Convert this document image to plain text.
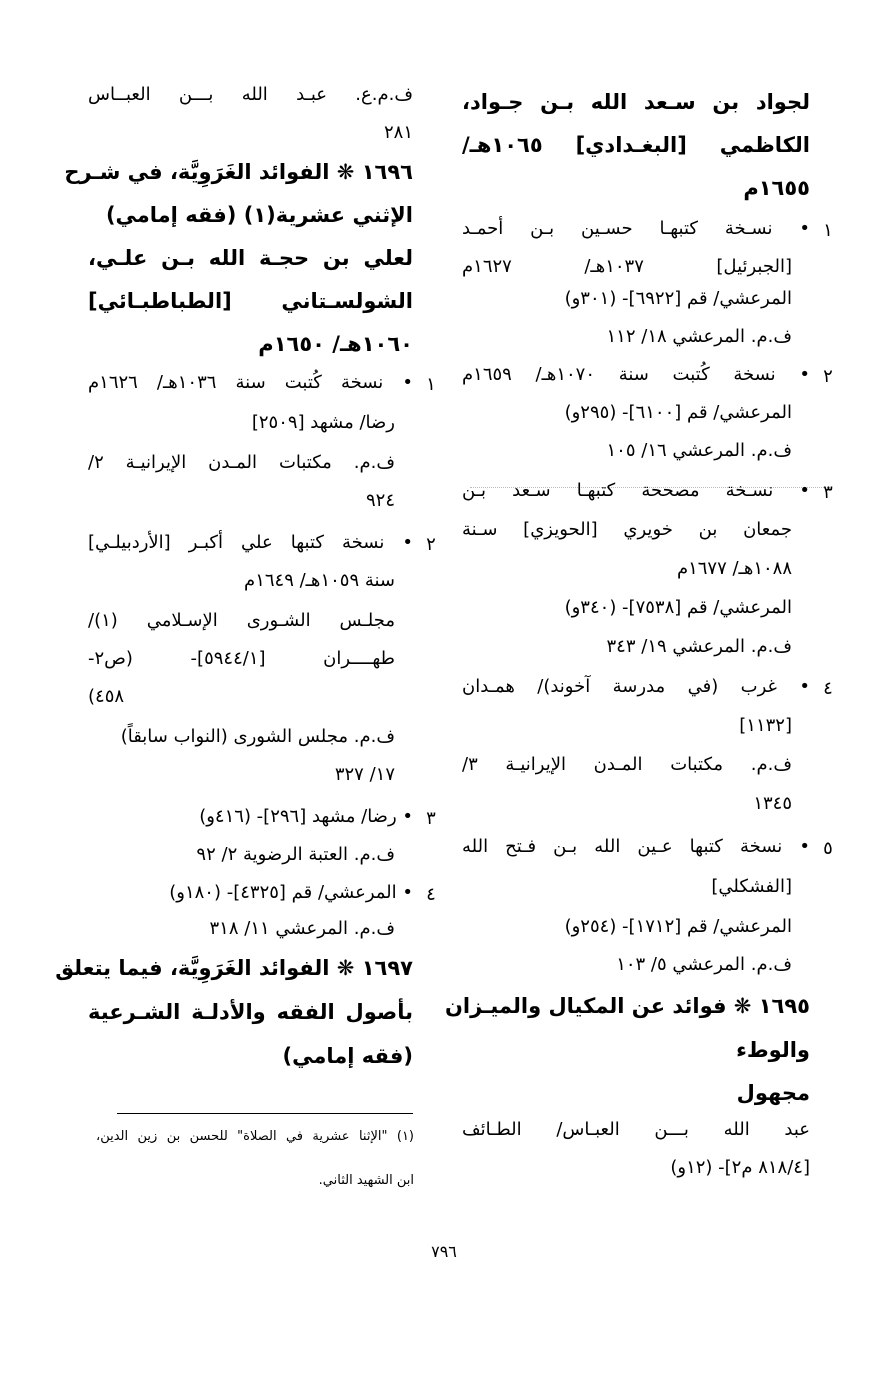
لجواد بن سـعد الله بـن جـواد،
الكاظمي [البغـدادي] ١٠٦٥هـ/
١٦٥٥م
• نسـخة كتبهـا حسـين بـن أحمـد ١
[الجبرئيل] ١٠٣٧هـ/ ١٦٢٧م
المرعشي/ قم [٦٩٢٢]- (٣٠١و)
ف.م. المرعشي ١٨/ ١١٢
• نسخة كُتبت سنة ١٠٧٠هـ/ ١٦٥٩م ٢
المرعشي/ قم [٦١٠٠]- (٢٩٥و)
ف.م. المرعشي ١٦/ ١٠٥
• نسـخة مصححة كتبهـا سـعد بـن ٣
جمعان بن خويري [الحويزي] سـنة
١٠٨٨هـ/ ١٦٧٧م
المرعشي/ قم [٧٥٣٨]- (٣٤٠و)
ف.م. المرعشي ١٩/ ٣٤٣
• غرب (في مدرسة آخوند)/ همـدان ٤
[١١٣٢]
ف.م. مكتبات المـدن الإيرانيـة ٣/
١٣٤٥
• نسخة كتبها عـين الله بـن فـتح الله ٥
[الفشكلي]
المرعشي/ قم [١٧١٢]- (٢٥٤و)
ف.م. المرعشي ٥/ ١٠٣
١٦٩٥ ❋ فوائد عن المكيال والميـزان
والوطء
مجهول
عبد الله بـــن العبـاس/ الطـائف
[٨١٨/٤ م٢]- (١٢و)
ف.م.ع. عبـد الله بـــن العبــاس
٢٨١
١٦٩٦ ❋ الفوائد الغَرَوِيَّة، في شـرح
الإثني عشرية(١) (فقه إمامي)
لعلي بن حجـة الله بـن علـي،
الشولسـتاني [الطباطبـائي]
١٠٦٠هـ/ ١٦٥٠م
• نسخة كُتبت سنة ١٠٣٦هـ/ ١٦٢٦م ١
رضا/ مشهد [٢٥٠٩]
ف.م. مكتبات المـدن الإيرانيـة ٢/
٩٢٤
• نسخة كتبها علي أكبـر [الأردبيلـي] ٢
سنة ١٠٥٩هـ/ ١٦٤٩م
مجلـس الشـورى الإسـلامي (١)/
طهــــران [٥٩٤٤/١]- (ص٢-
٤٥٨)
ف.م. مجلس الشورى (النواب سابقاً)
١٧/ ٣٢٧
• رضا/ مشهد [٢٩٦]- (٤١٦و) ٣
ف.م. العتبة الرضوية ٢/ ٩٢
• المرعشي/ قم [٤٣٢٥]- (١٨٠و) ٤
ف.م. المرعشي ١١/ ٣١٨
١٦٩٧ ❋ الفوائد الغَرَوِيَّة، فيما يتعلق
بأصول الفقه والأدلـة الشـرعية
(فقه إمامي)
(١) "الإثنا عشرية في الصلاة" للحسن بن زين الدين،
ابن الشهيد الثاني.
٧٩٦
